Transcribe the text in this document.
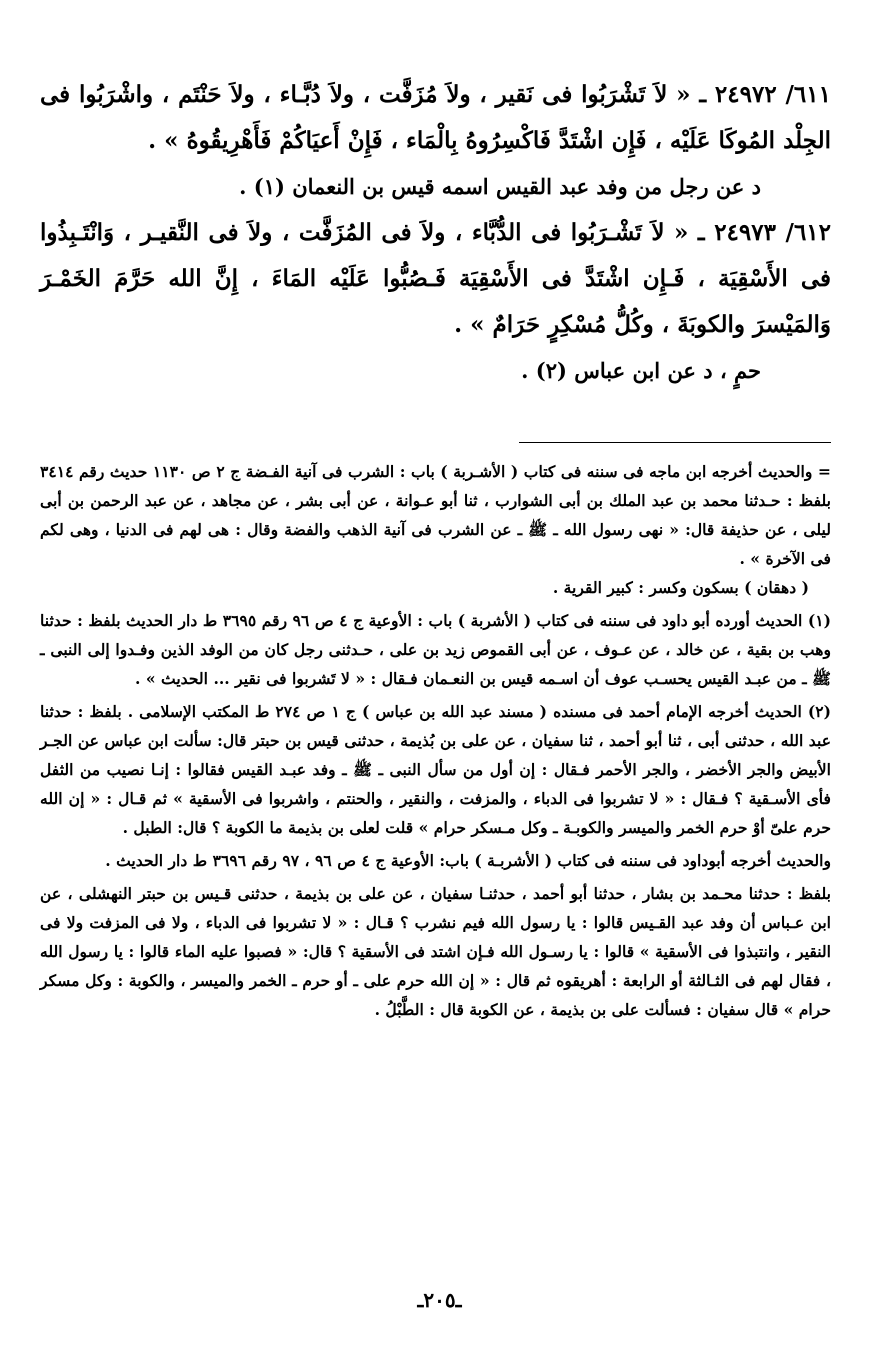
٦١١/ ٢٤٩٧٢ ـ « لاَ تَشْرَبُوا فى نَقير ، ولاَ مُزَفَّت ، ولاَ دُبَّـاء ، ولاَ حَنْتَم ، واشْرَبُوا فى الجِلْد المُوكَا عَلَيْه ، فَإِن اشْتَدَّ فَاكْسِرُوهُ بِالْمَاء ، فَإِنْ أَعيَاكُمْ فَأَهْرِيقُوهُ » .

د عن رجل من وفد عبد القيس اسمه قيس بن النعمان (١) .

٦١٢/ ٢٤٩٧٣ ـ « لاَ تَشْـرَبُوا فى الدُّبَّاء ، ولاَ فى المُزَفَّت ، ولاَ فى النَّقيـر ، وَانْتَـبِذُوا فى الأَسْقِيَة ، فَـإِن اشْتَدَّ فى الأَسْقِيَة فَـصُبُّوا عَلَيْه المَاءَ ، إِنَّ الله حَرَّمَ الخَمْـرَ وَالمَيْسرَ والكوبَةَ ، وكُلُّ مُسْكِرٍ حَرَامٌ » .

حمٍ ، د عن ابن عباس (٢) .

= والحديث أخرجه ابن ماجه فى سننه فى كتاب ( الأشـربة ) باب : الشرب فى آنية الفـضة ج ٢ ص ١١٣٠ حديث رقم ٣٤١٤ بلفظ : حـدثنا محمد بن عبد الملك بن أبى الشوارب ، ثنا أبو عـوانة ، عن أبى بشر ، عن مجاهد ، عن عبد الرحمن بن أبى ليلى ، عن حذيفة قال: « نهى رسول الله ـ ﷺ ـ عن الشرب فى آنية الذهب والفضة وقال : هى لهم فى الدنيا ، وهى لكم فى الآخرة » .

( دهقان ) بسكون وكسر : كبير القرية .

(١) الحديث أورده أبو داود فى سننه فى كتاب ( الأشربة ) باب : الأوعية ج ٤ ص ٩٦ رقم ٣٦٩٥ ط دار الحديث بلفظ : حدثنا وهب بن بقية ، عن خالد ، عن عـوف ، عن أبى القموص زيد بن على ، حـدثنى رجل كان من الوفد الذين وفـدوا إلى النبى ـ ﷺ ـ من عبـد القيس يحسـب عوف أن اسـمه قيس بن النعـمان فـقال : « لا تَشربوا فى نقير ... الحديث » .

(٢) الحديث أخرجه الإمام أحمد فى مسنده ( مسند عبد الله بن عباس ) ج ١ ص ٢٧٤ ط المكتب الإسلامى . بلفظ : حدثنا عبد الله ، حدثنى أبى ، ثنا أبو أحمد ، ثنا سفيان ، عن على بن بُذيمة ، حدثنى قيس بن حبتر قال: سألت ابن عباس عن الجـر الأبيض والجر الأخضر ، والجر الأحمر فـقال : إن أول من سأل النبى ـ ﷺ ـ وفد عبـد القيس فقالوا : إنـا نصيب من الثفل فأى الأسـقية ؟ فـقال : « لا تشربوا فى الدباء ، والمزفت ، والنقير ، والحنتم ، واشربوا فى الأسقية » ثم قـال : « إن الله حرم علىّ أوْ حرم الخمر والميسر والكوبـة ـ وكل مـسكر حرام » قلت لعلى بن بذيمة ما الكوبة ؟ قال: الطبل .

والحديث أخرجه أبوداود فى سننه فى كتاب ( الأشربـة ) باب: الأوعية ج ٤ ص ٩٦ ، ٩٧ رقم ٣٦٩٦ ط دار الحديث .

بلفظ : حدثنا محـمد بن بشار ، حدثنا أبو أحمد ، حدثنـا سفيان ، عن على بن بذيمة ، حدثنى قـيس بن حبتر النهشلى ، عن ابن عـباس أن وفد عبد القـيس قالوا : يا رسول الله فيم نشرب ؟ قـال : « لا تشربوا فى الدباء ، ولا فى المزفت ولا فى النقير ، وانتبذوا فى الأسقية » قالوا : يا رسـول الله فـإن اشتد فى الأسقية ؟ قال: « فصبوا عليه الماء قالوا : يا رسول الله ، فقال لهم فى الثـالثة أو الرابعة : أهريقوه ثم قال : « إن الله حرم على ـ أو حرم ـ الخمر والميسر ، والكوبة : وكل مسكر حرام » قال سفيان : فسألت على بن بذيمة ، عن الكوبة قال : الطَّبْلُ .

ـ٢٠٥ـ
